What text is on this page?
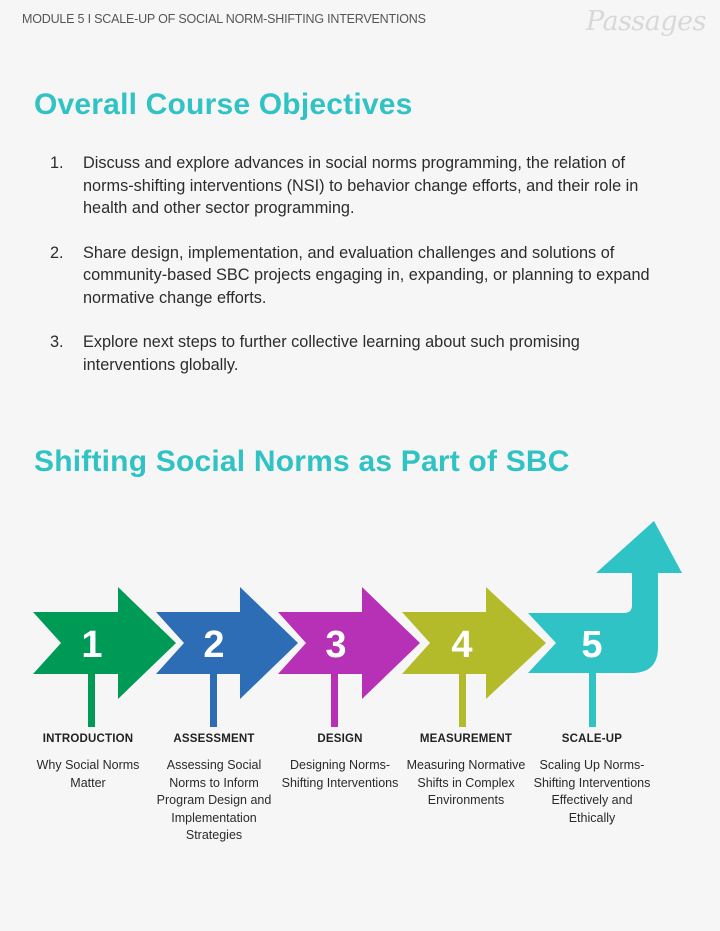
MODULE 5 I SCALE-UP OF SOCIAL NORM-SHIFTING INTERVENTIONS	Passages
Overall Course Objectives
1.	Discuss and explore advances in social norms programming, the relation of norms-shifting interventions (NSI) to behavior change efforts, and their role in health and other sector programming.
2.	Share design, implementation, and evaluation challenges and solutions of community-based SBC projects engaging in, expanding, or planning to expand normative change efforts.
3.	Explore next steps to further collective learning about such promising interventions globally.
Shifting Social Norms as Part of SBC
1	2	3	4	5
INTRODUCTION
Why Social Norms Matter
ASSESSMENT
Assessing Social Norms to Inform Program Design and Implementation Strategies
DESIGN
Designing Norms-Shifting Interventions
MEASUREMENT
Measuring Normative Shifts in Complex Environments
SCALE-UP
Scaling Up Norms-Shifting Interventions Effectively and Ethically
